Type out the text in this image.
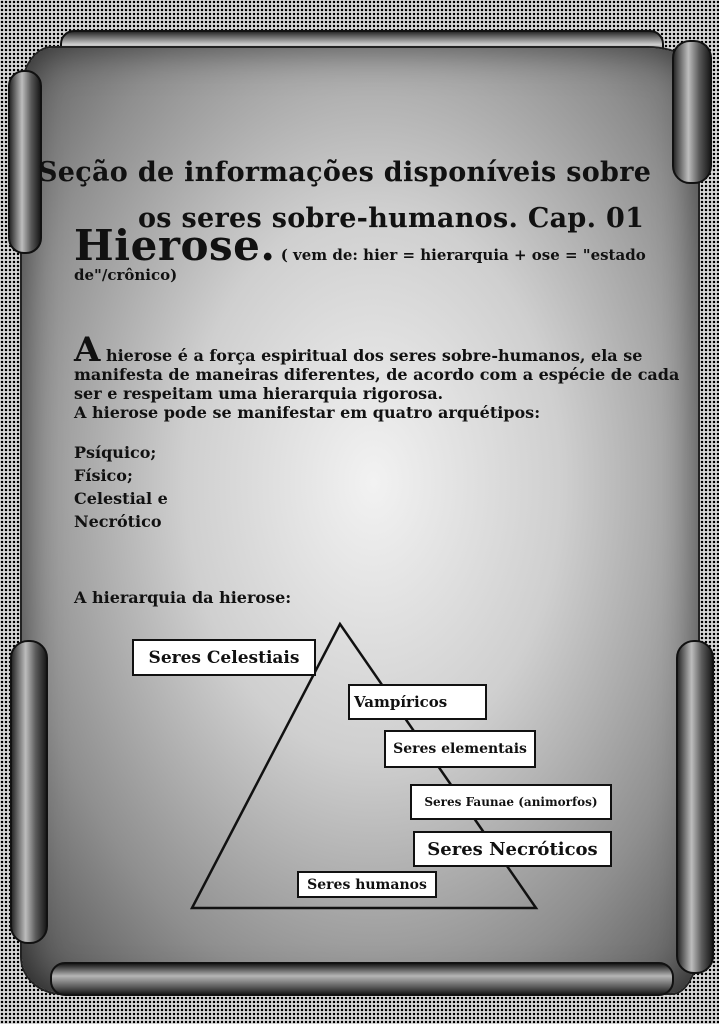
Seção de informações disponíveis sobre
os seres sobre-humanos. Cap. 01
Hierose. ( vem de: hier = hierarquia + ose = "estado de"/crônico)

A hierose é a força espiritual dos seres sobre-humanos, ela se manifesta de maneiras diferentes, de acordo com a espécie de cada ser e respeitam uma hierarquia rigorosa.

A hierose pode se manifestar em quatro arquétipos:

Psíquico;
Físico;
Celestial e
Necrótico

A hierarquia da hierose:
Seres Celestiais
Vampíricos
Seres elementais
Seres Faunae (animorfos)
Seres Necróticos
Seres humanos
